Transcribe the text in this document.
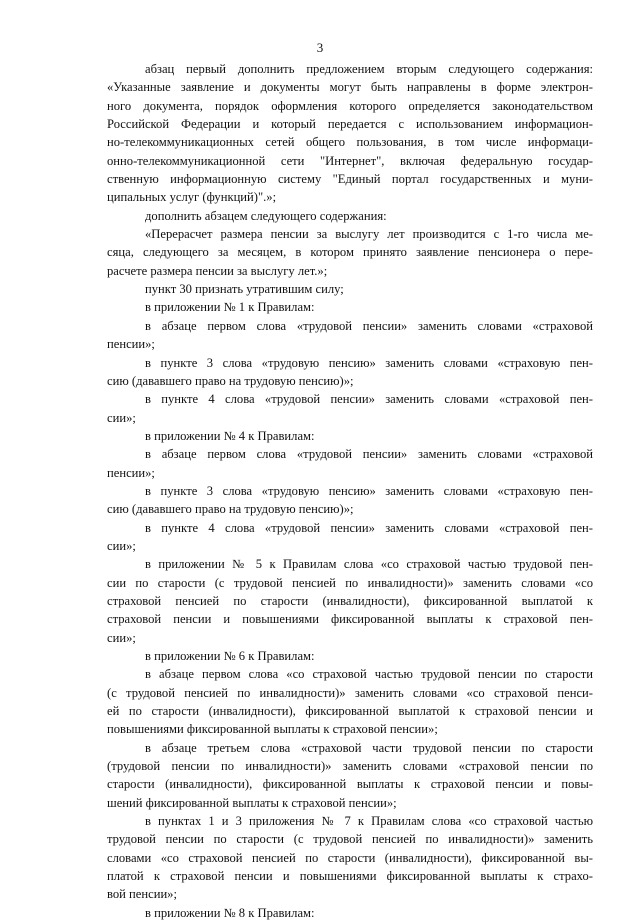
3
абзац первый дополнить предложением вторым следующего содержания:
«Указанные заявление и документы могут быть направлены в форме электрон-
ного документа, порядок оформления которого определяется законодательством
Российской Федерации и который передается с использованием информацион-
но-телекоммуникационных сетей общего пользования, в том числе информаци-
онно-телекоммуникационной сети "Интернет", включая федеральную государ-
ственную информационную систему "Единый портал государственных и муни-
ципальных услуг (функций)".»;
дополнить абзацем следующего содержания:
«Перерасчет размера пенсии за выслугу лет производится с 1-го числа ме-
сяца, следующего за месяцем, в котором принято заявление пенсионера о пере-
расчете размера пенсии за выслугу лет.»;
пункт 30 признать утратившим силу;
в приложении № 1 к Правилам:
в абзаце первом слова «трудовой пенсии» заменить словами «страховой
пенсии»;
в пункте 3 слова «трудовую пенсию» заменить словами «страховую пен-
сию (дававшего право на трудовую пенсию)»;
в пункте 4 слова «трудовой пенсии» заменить словами «страховой пен-
сии»;
в приложении № 4 к Правилам:
в абзаце первом слова «трудовой пенсии» заменить словами «страховой
пенсии»;
в пункте 3 слова «трудовую пенсию» заменить словами «страховую пен-
сию (дававшего право на трудовую пенсию)»;
в пункте 4 слова «трудовой пенсии» заменить словами «страховой пен-
сии»;
в приложении № 5 к Правилам слова «со страховой частью трудовой пен-
сии по старости (с трудовой пенсией по инвалидности)» заменить словами «со
страховой пенсией по старости (инвалидности), фиксированной выплатой к
страховой пенсии и повышениями фиксированной выплаты к страховой пен-
сии»;
в приложении № 6 к Правилам:
в абзаце первом слова «со страховой частью трудовой пенсии по старости
(с трудовой пенсией по инвалидности)» заменить словами «со страховой пенси-
ей по старости (инвалидности), фиксированной выплатой к страховой пенсии и
повышениями фиксированной выплаты к страховой пенсии»;
в абзаце третьем слова «страховой части трудовой пенсии по старости
(трудовой пенсии по инвалидности)» заменить словами «страховой пенсии по
старости (инвалидности), фиксированной выплаты к страховой пенсии и повы-
шений фиксированной выплаты к страховой пенсии»;
в пунктах 1 и 3 приложения № 7 к Правилам слова «со страховой частью
трудовой пенсии по старости (с трудовой пенсией по инвалидности)» заменить
словами «со страховой пенсией по старости (инвалидности), фиксированной вы-
платой к страховой пенсии и повышениями фиксированной выплаты к страхо-
вой пенсии»;
в приложении № 8 к Правилам:
